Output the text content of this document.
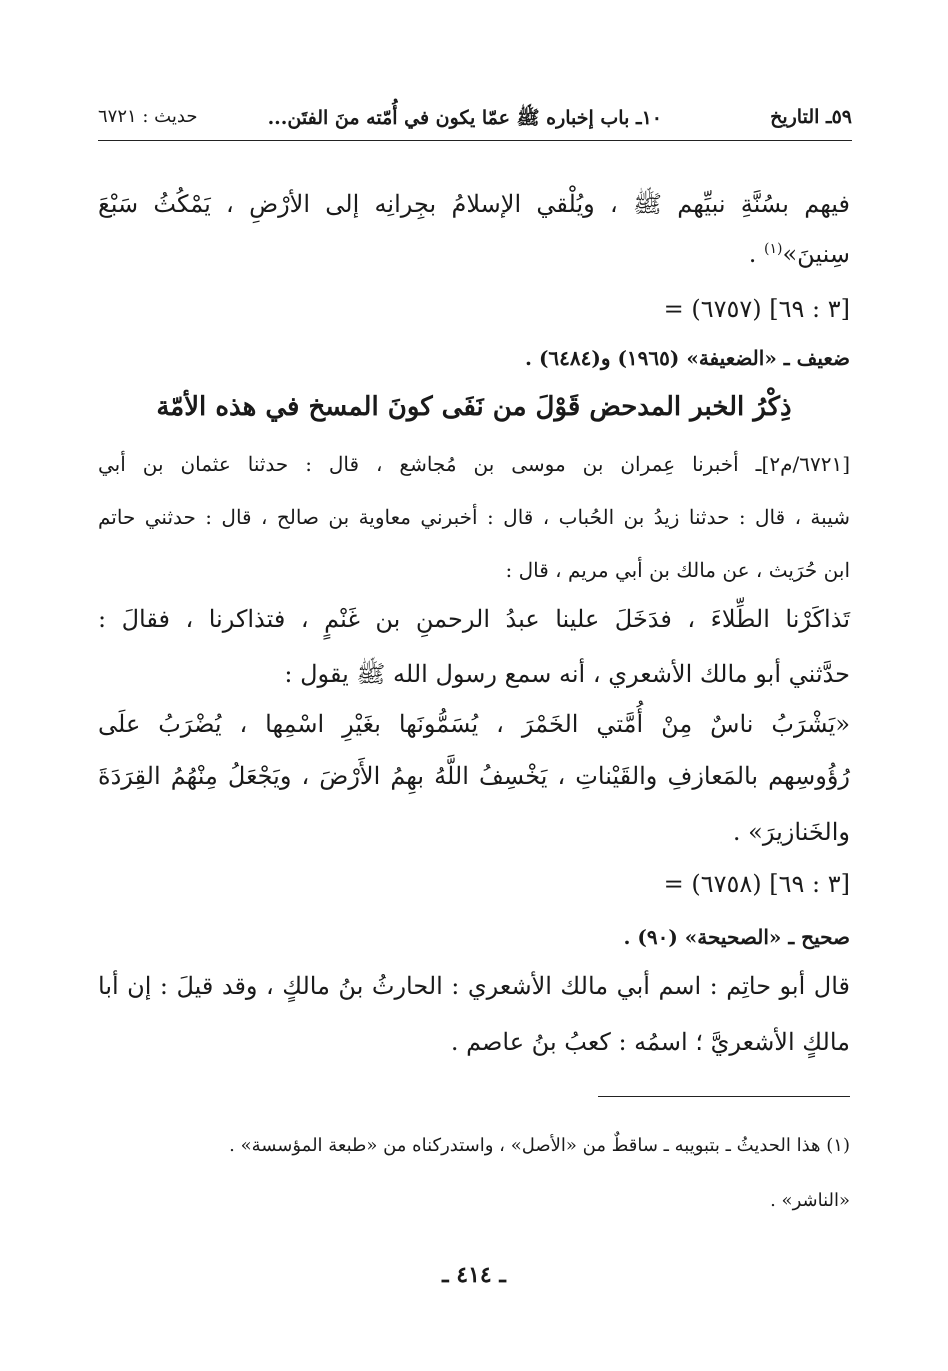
٥٩ـ التاريخ
١٠ـ باب إخباره ﷺ عمّا يكون في أُمّته منَ الفتَن...
حديث : ٦٧٢١
فيهم بسُنَّةِ نبيِّهم ﷺ ، ويُلْقي الإسلامُ بجِرانِه إلى الأرْضِ ، يَمْكُثُ سَبْعَ
سِنينَ»$^{(١)}$ .
= (٦٧٥٧) [٣ : ٦٩]
ضعيف ـ «الضعيفة» (١٩٦٥) و(٦٤٨٤) .
ذِكْرُ الخبر المدحض قَوْلَ من نَفَى كونَ المسخ في هذه الأمّة
[٦٧٢١/م٢]ـ أخبرنا عِمران بن موسى بن مُجاشع ، قال : حدثنا عثمان بن أبي
شيبة ، قال : حدثنا زيدُ بن الحُباب ، قال : أخبرني معاوية بن صالح ، قال : حدثني حاتم
ابن حُرَيث ، عن مالك بن أبي مريم ، قال :
تَذاكَرْنا الطِّلاءَ ، فدَخَلَ علينا عبدُ الرحمنِ بن غَنْمٍ ، فتذاكرنا ، فقالَ :
حدَّثني أبو مالك الأشعري ، أنه سمع رسول الله ﷺ يقول :
«يَشْرَبُ ناسٌ مِنْ أُمَّتي الخَمْرَ ، يُسَمُّونَها بغَيْرِ اسْمِها ، يُضْرَبُ علَى
رُؤُوسِهم بالمَعازفِ والقَيْناتِ ، يَخْسِفُ اللَّهُ بهِمُ الأَرْضَ ، ويَجْعَلُ مِنْهُمُ القِرَدَةَ
والخَنازيرَ» .
= (٦٧٥٨) [٣ : ٦٩]
صحيح ـ «الصحيحة» (٩٠) .
قال أبو حاتِم : اسم أبي مالك الأشعري : الحارثُ بنُ مالكٍ ، وقد قيلَ : إن أبا
مالكٍ الأشعريَّ ؛ اسمُه : كعبُ بنُ عاصم .
(١) هذا الحديثُ ـ بتبويبه ـ ساقطٌ من «الأصل» ، واستدركناه من «طبعة المؤسسة» .
«الناشر» .
ـ ٤١٤ ـ
